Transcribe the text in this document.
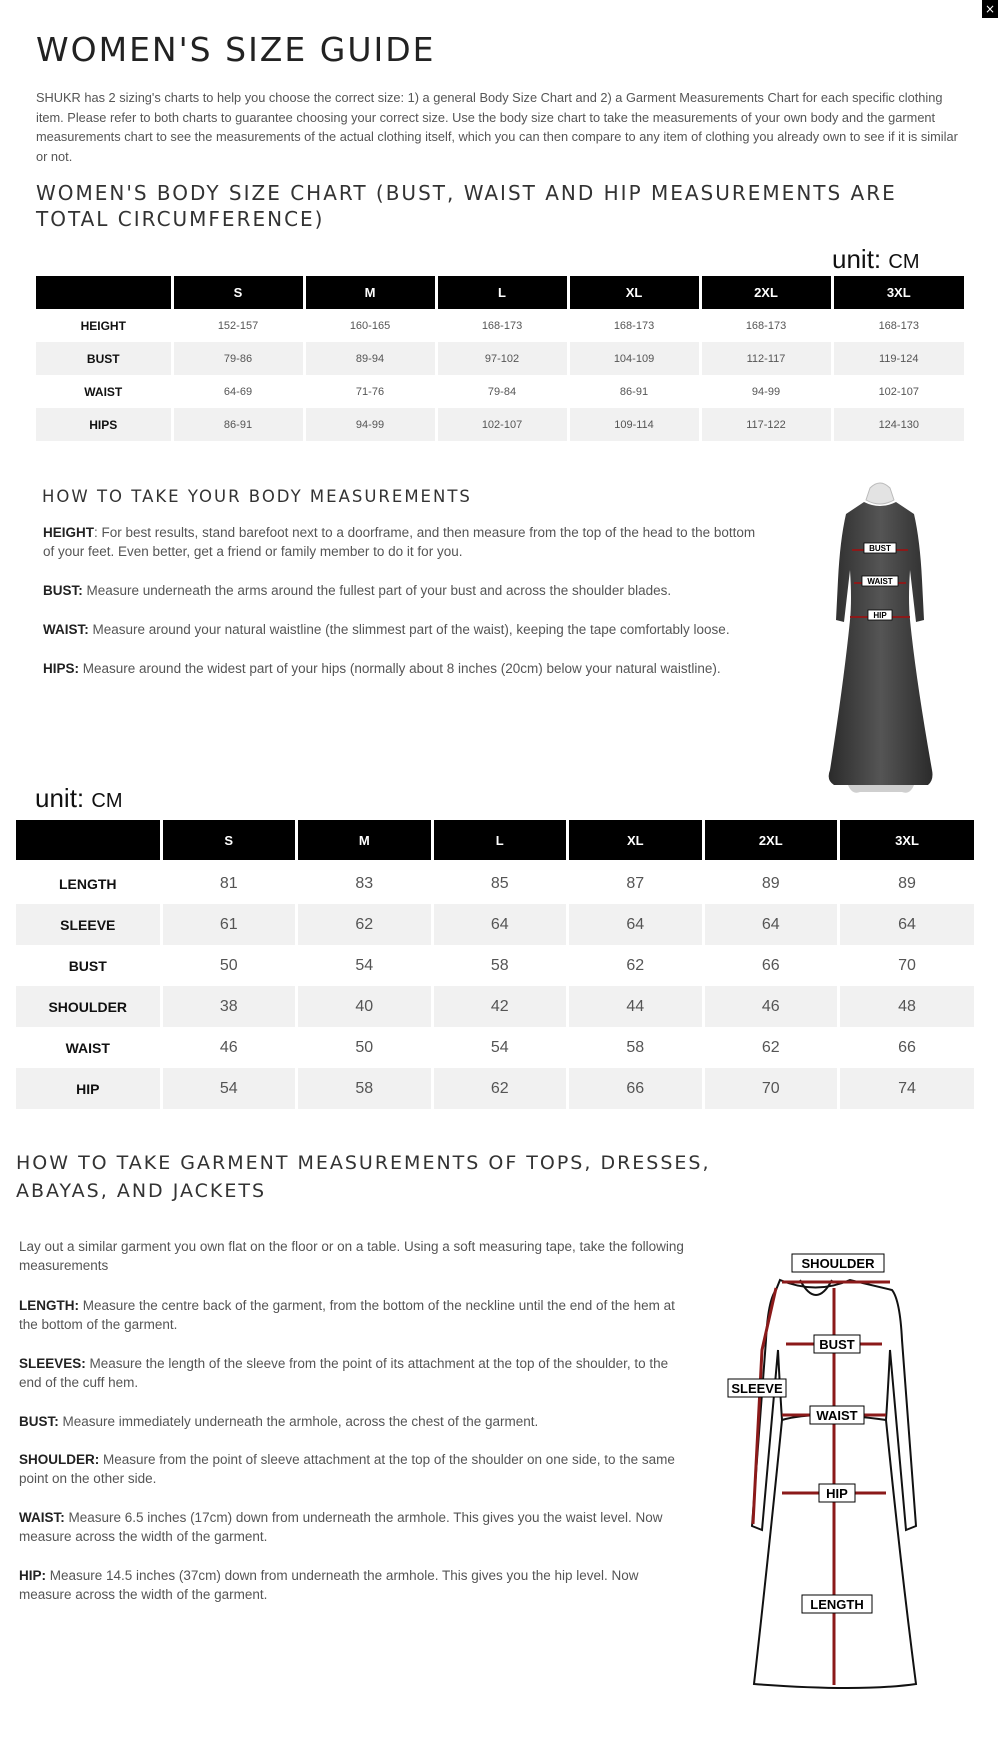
×
WOMEN'S SIZE GUIDE

SHUKR has 2 sizing's charts to help you choose the correct size: 1) a general Body Size Chart and 2) a Garment Measurements Chart for each specific clothing item. Please refer to both charts to guarantee choosing your correct size. Use the body size chart to take the measurements of your own body and the garment measurements chart to see the measurements of the actual clothing itself, which you can then compare to any item of clothing you already own to see if it is similar or not.

WOMEN'S BODY SIZE CHART (BUST, WAIST AND HIP MEASUREMENTS ARE TOTAL CIRCUMFERENCE)
unit: CM
	S	M	L	XL	2XL	3XL
HEIGHT	152-157	160-165	168-173	168-173	168-173	168-173
BUST	79-86	89-94	97-102	104-109	112-117	119-124
WAIST	64-69	71-76	79-84	86-91	94-99	102-107
HIPS	86-91	94-99	102-107	109-114	117-122	124-130
HOW TO TAKE YOUR BODY MEASUREMENTS

HEIGHT: For best results, stand barefoot next to a doorframe, and then measure from the top of the head to the bottom of your feet. Even better, get a friend or family member to do it for you.

BUST: Measure underneath the arms around the fullest part of your bust and across the shoulder blades.

WAIST: Measure around your natural waistline (the slimmest part of the waist), keeping the tape comfortably loose.

HIPS: Measure around the widest part of your hips (normally about 8 inches (20cm) below your natural waistline).

BUST
WAIST
HIP
unit: CM
	S	M	L	XL	2XL	3XL
LENGTH	81	83	85	87	89	89
SLEEVE	61	62	64	64	64	64
BUST	50	54	58	62	66	70
SHOULDER	38	40	42	44	46	48
WAIST	46	50	54	58	62	66
HIP	54	58	62	66	70	74
HOW TO TAKE GARMENT MEASUREMENTS OF TOPS, DRESSES, ABAYAS, AND JACKETS

Lay out a similar garment you own flat on the floor or on a table. Using a soft measuring tape, take the following measurements

LENGTH: Measure the centre back of the garment, from the bottom of the neckline until the end of the hem at the bottom of the garment.

SLEEVES: Measure the length of the sleeve from the point of its attachment at the top of the shoulder, to the end of the cuff hem.

BUST: Measure immediately underneath the armhole, across the chest of the garment.

SHOULDER: Measure from the point of sleeve attachment at the top of the shoulder on one side, to the same point on the other side.

WAIST: Measure 6.5 inches (17cm) down from underneath the armhole. This gives you the waist level. Now measure across the width of the garment.

HIP: Measure 14.5 inches (37cm) down from underneath the armhole. This gives you the hip level. Now measure across the width of the garment.

SHOULDER
BUST
SLEEVE
WAIST
HIP
LENGTH
